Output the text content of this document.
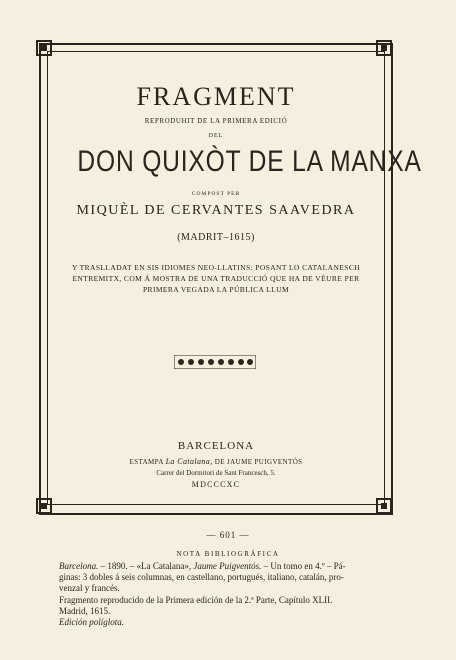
FRAGMENT
REPRODUHIT DE LA PRIMERA EDICIÓ
DEL
DON QUIXÒT DE LA MANXA
COMPOST PER
MIQUÈL DE CERVANTES SAAVEDRA
(MADRIT–1615)
Y TRASLLADAT EN SIS IDIOMES NEO-LLATINS: POSANT LO CATALANESCH ENTREMITX, COM Á MOSTRA DE UNA TRADUCCIÓ QUE HA DE VÈURE PER PRIMERA VEGADA LA PÚBLICA LLUM
BARCELONA
ESTAMPA La Catalana, DE JAUME PUIGVENTÓS
Carrer del Dormitori de Sant Francesch, 5.
MDCCCXC
— 601 —
NOTA BIBLIOGRÁFICA

Barcelona. – 1890. – «La Catalana», Jaume Puigventós. – Un tomo en 4.º – Pá-

ginas: 3 dobles á seis columnas, en castellano, portugués, italiano, catalán, pro-

venzal y francés.

Fragmento reproducido de la Primera edición de la 2.ª Parte, Capítulo XLII.

Madrid, 1615.

Edición políglota.
